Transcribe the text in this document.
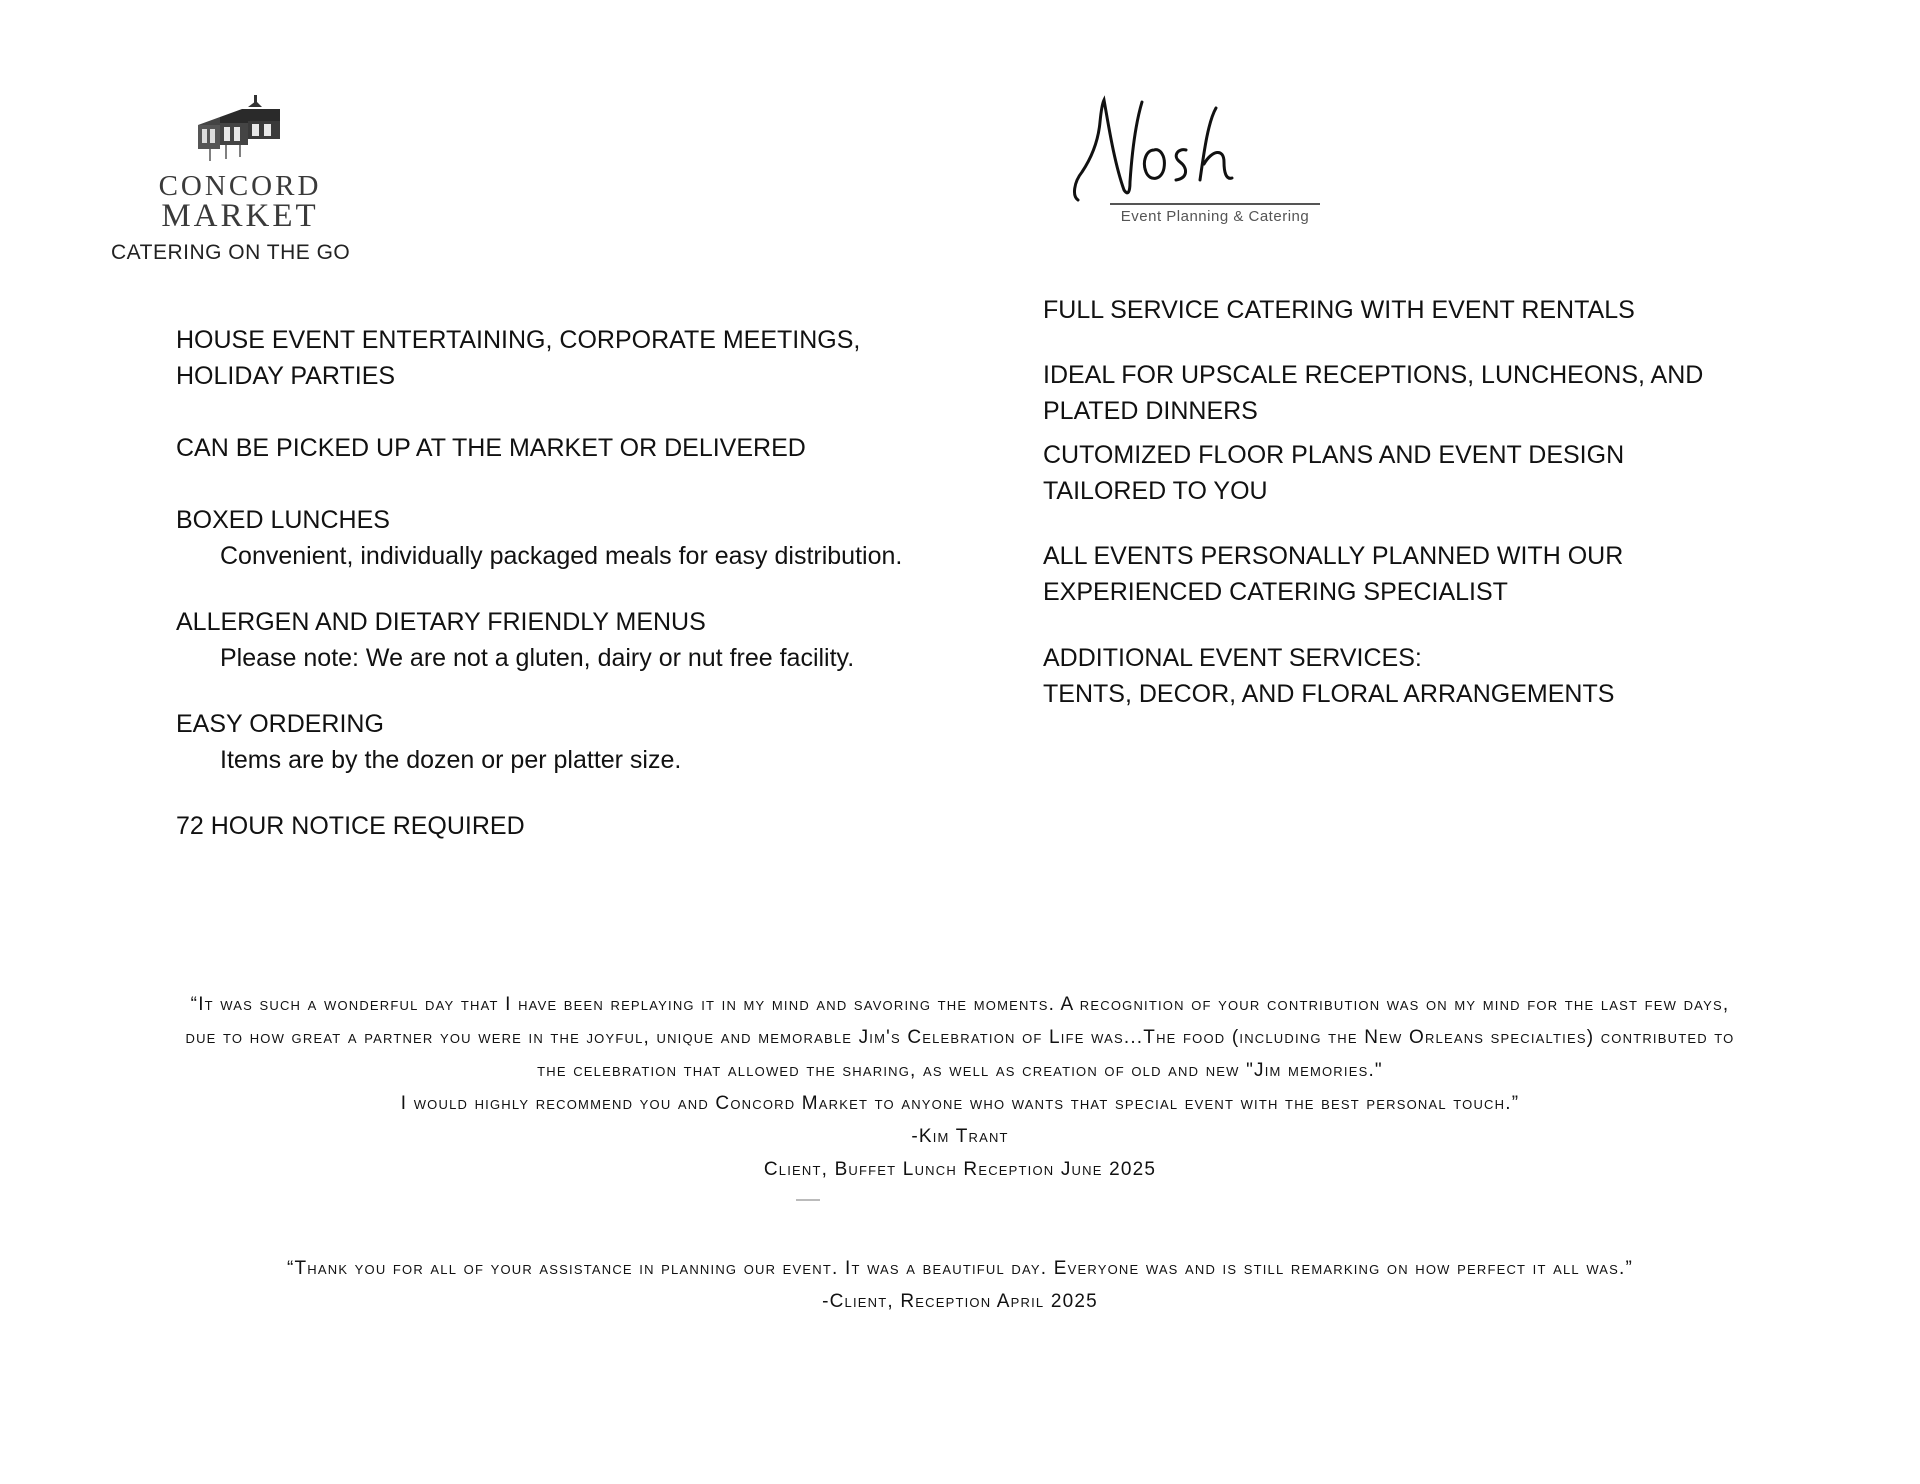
CONCORD
MARKET
CATERING ON THE GO
Event Planning & Catering
HOUSE EVENT ENTERTAINING, CORPORATE MEETINGS,
HOLIDAY PARTIES
CAN BE PICKED UP AT THE MARKET OR DELIVERED
BOXED LUNCHES
Convenient, individually packaged meals for easy distribution.
ALLERGEN AND DIETARY FRIENDLY MENUS
Please note: We are not a gluten, dairy or nut free facility.
EASY ORDERING
Items are by the dozen or per platter size.
72 HOUR NOTICE REQUIRED
FULL SERVICE CATERING WITH EVENT RENTALS
IDEAL FOR UPSCALE RECEPTIONS, LUNCHEONS, AND
PLATED DINNERS
CUTOMIZED FLOOR PLANS AND EVENT DESIGN
TAILORED TO YOU
ALL EVENTS PERSONALLY PLANNED WITH OUR
EXPERIENCED CATERING SPECIALIST
ADDITIONAL EVENT SERVICES:
TENTS, DECOR, AND FLORAL ARRANGEMENTS
“It was such a wonderful day that I have been replaying it in my mind and savoring the moments. A recognition of your contribution was on my mind for the last few days,
due to how great a partner you were in the joyful, unique and memorable Jim's Celebration of Life was...The food (including the New Orleans specialties) contributed to
the celebration that allowed the sharing, as well as creation of old and new "Jim memories."
I would highly recommend you and Concord Market to anyone who wants that special event with the best personal touch.”
-Kim Trant
Client, Buffet Lunch Reception June 2025
“Thank you for all of your assistance in planning our event. It was a beautiful day. Everyone was and is still remarking on how perfect it all was.”
-Client, Reception April 2025
